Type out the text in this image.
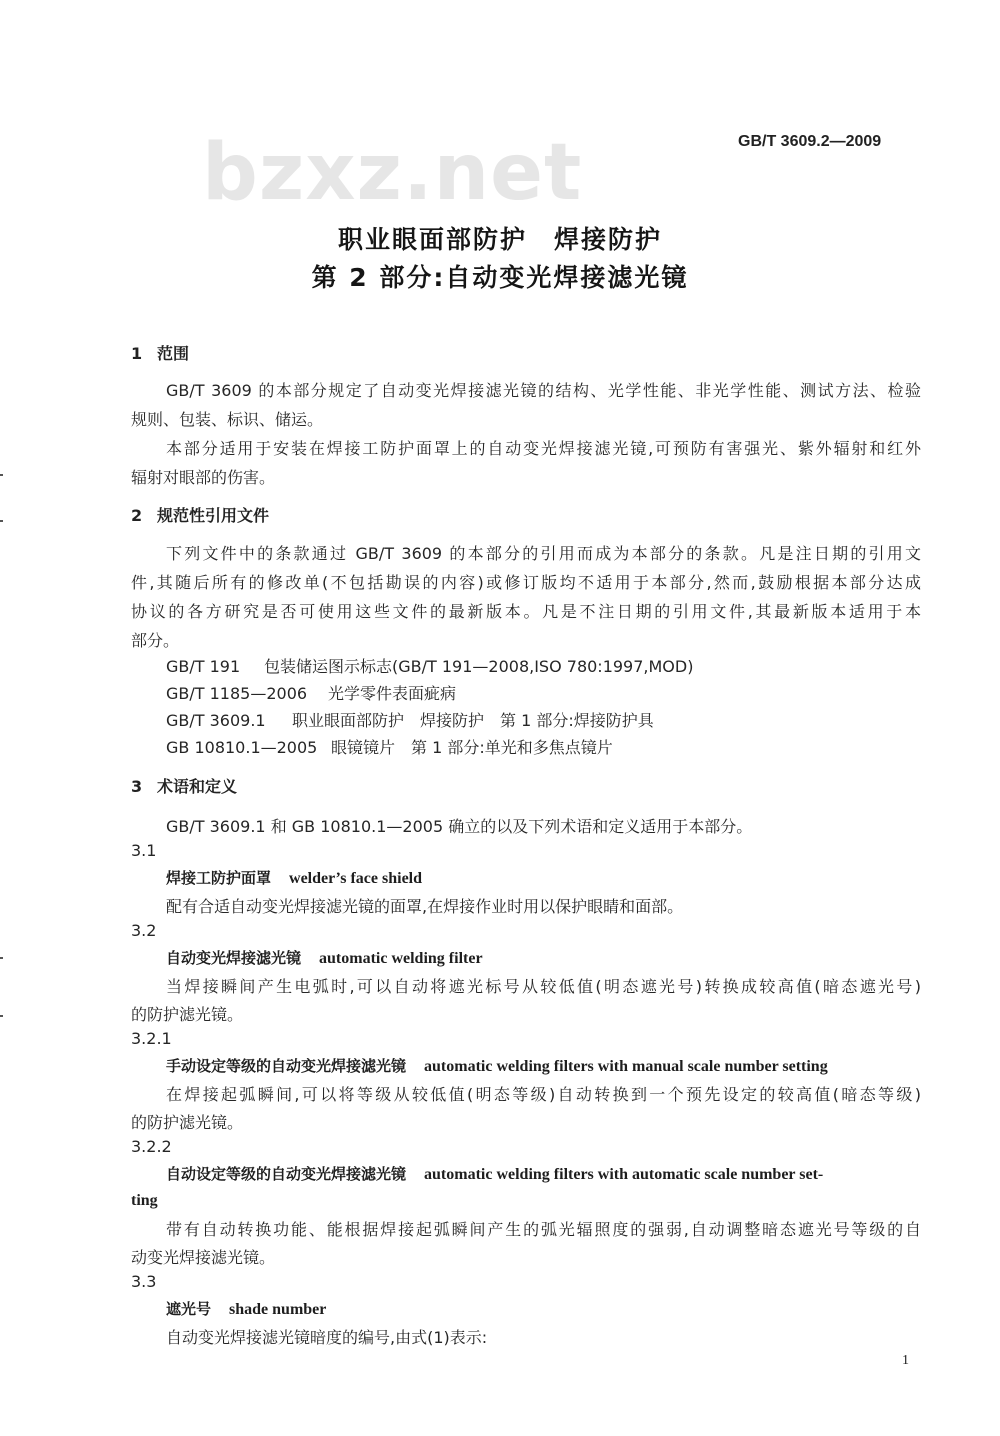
bzxz.net	GB/T 3609.2—2009
职业眼面部防护　焊接防护
第 2 部分:自动变光焊接滤光镜
1 范围
GB/T 3609 的本部分规定了自动变光焊接滤光镜的结构、光学性能、非光学性能、测试方法、检验
规则、包装、标识、储运。
本部分适用于安装在焊接工防护面罩上的自动变光焊接滤光镜,可预防有害强光、紫外辐射和红外
辐射对眼部的伤害。
2 规范性引用文件
下列文件中的条款通过 GB/T 3609 的本部分的引用而成为本部分的条款。凡是注日期的引用文
件,其随后所有的修改单(不包括勘误的内容)或修订版均不适用于本部分,然而,鼓励根据本部分达成
协议的各方研究是否可使用这些文件的最新版本。凡是不注日期的引用文件,其最新版本适用于本
部分。
GB/T 191 包装储运图示标志(GB/T 191—2008,ISO 780:1997,MOD)
GB/T 1185—2006 光学零件表面疵病
GB/T 3609.1 职业眼面部防护　焊接防护　第 1 部分:焊接防护具
GB 10810.1—2005 眼镜镜片　第 1 部分:单光和多焦点镜片
3 术语和定义
GB/T 3609.1 和 GB 10810.1—2005 确立的以及下列术语和定义适用于本部分。
3.1
焊接工防护面罩 welder’s face shield
配有合适自动变光焊接滤光镜的面罩,在焊接作业时用以保护眼睛和面部。
3.2
自动变光焊接滤光镜 automatic welding filter
当焊接瞬间产生电弧时,可以自动将遮光标号从较低值(明态遮光号)转换成较高值(暗态遮光号)
的防护滤光镜。
3.2.1
手动设定等级的自动变光焊接滤光镜 automatic welding filters with manual scale number setting
在焊接起弧瞬间,可以将等级从较低值(明态等级)自动转换到一个预先设定的较高值(暗态等级)
的防护滤光镜。
3.2.2
自动设定等级的自动变光焊接滤光镜 automatic welding filters with automatic scale number set-
ting
带有自动转换功能、能根据焊接起弧瞬间产生的弧光辐照度的强弱,自动调整暗态遮光号等级的自
动变光焊接滤光镜。
3.3
遮光号 shade number
自动变光焊接滤光镜暗度的编号,由式(1)表示:
1
